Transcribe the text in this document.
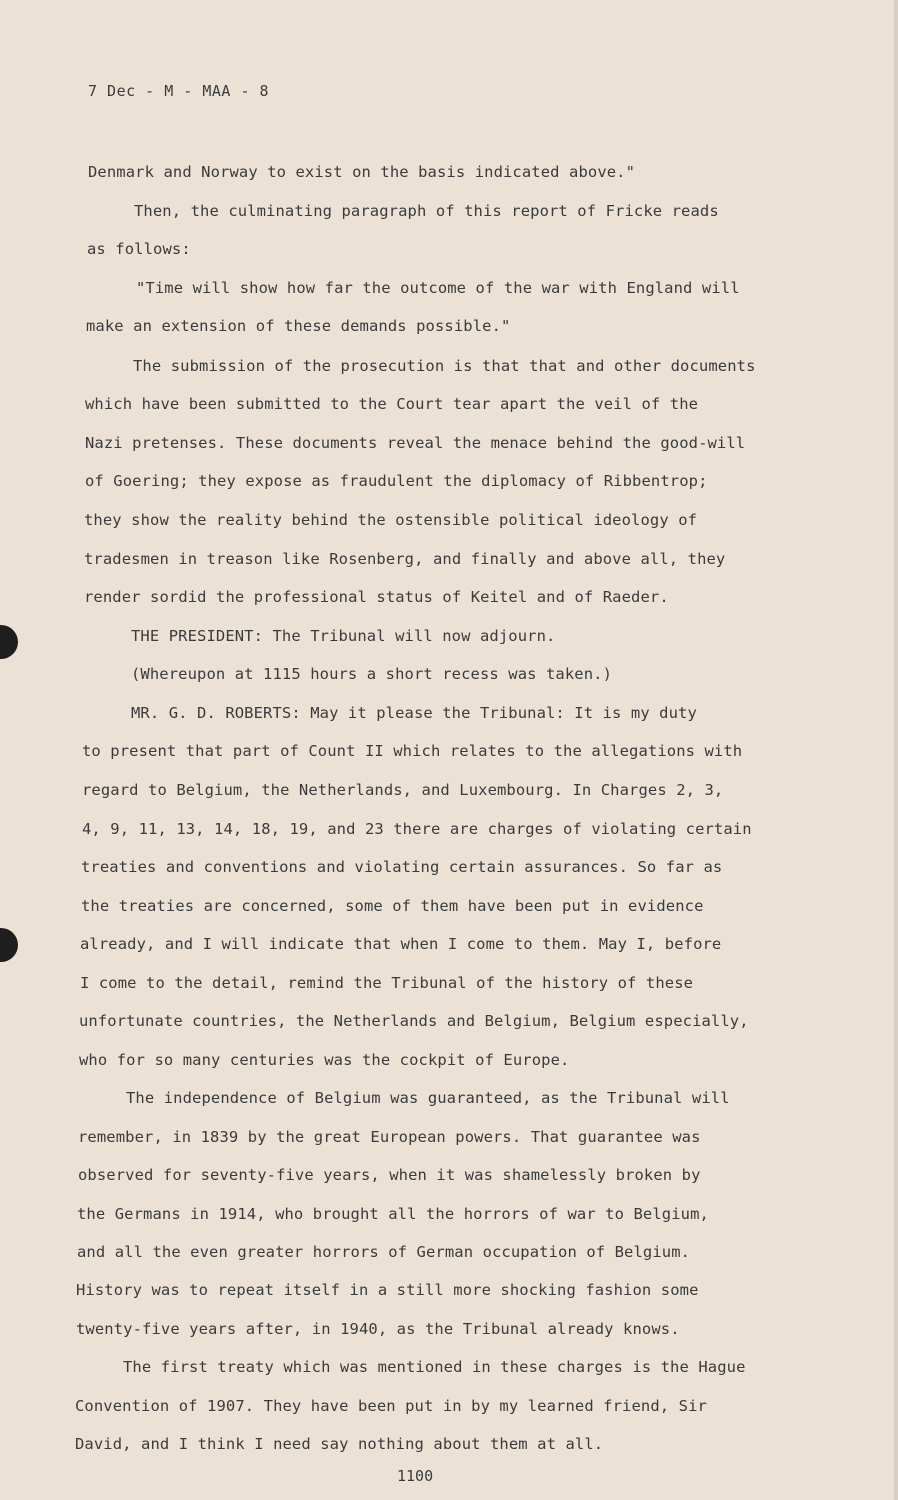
7 Dec - M - MAA - 8
Denmark and Norway to exist on the basis indicated above."
Then, the culminating paragraph of this report of Fricke reads
as follows:
"Time will show how far the outcome of the war with England will
make an extension of these demands possible."
The submission of the prosecution is that that and other documents
which have been submitted to the Court tear apart the veil of the
Nazi pretenses. These documents reveal the menace behind the good-will
of Goering; they expose as fraudulent the diplomacy of Ribbentrop;
they show the reality behind the ostensible political ideology of
tradesmen in treason like Rosenberg, and finally and above all, they
render sordid the professional status of Keitel and of Raeder.
THE PRESIDENT: The Tribunal will now adjourn.
(Whereupon at 1115 hours a short recess was taken.)
MR. G. D. ROBERTS: May it please the Tribunal: It is my duty
to present that part of Count II which relates to the allegations with
regard to Belgium, the Netherlands, and Luxembourg. In Charges 2, 3,
4, 9, 11, 13, 14, 18, 19, and 23 there are charges of violating certain
treaties and conventions and violating certain assurances. So far as
the treaties are concerned, some of them have been put in evidence
already, and I will indicate that when I come to them. May I, before
I come to the detail, remind the Tribunal of the history of these
unfortunate countries, the Netherlands and Belgium, Belgium especially,
who for so many centuries was the cockpit of Europe.
The independence of Belgium was guaranteed, as the Tribunal will
remember, in 1839 by the great European powers. That guarantee was
observed for seventy-five years, when it was shamelessly broken by
the Germans in 1914, who brought all the horrors of war to Belgium,
and all the even greater horrors of German occupation of Belgium.
History was to repeat itself in a still more shocking fashion some
twenty-five years after, in 1940, as the Tribunal already knows.
The first treaty which was mentioned in these charges is the Hague
Convention of 1907. They have been put in by my learned friend, Sir
David, and I think I need say nothing about them at all.
1100
